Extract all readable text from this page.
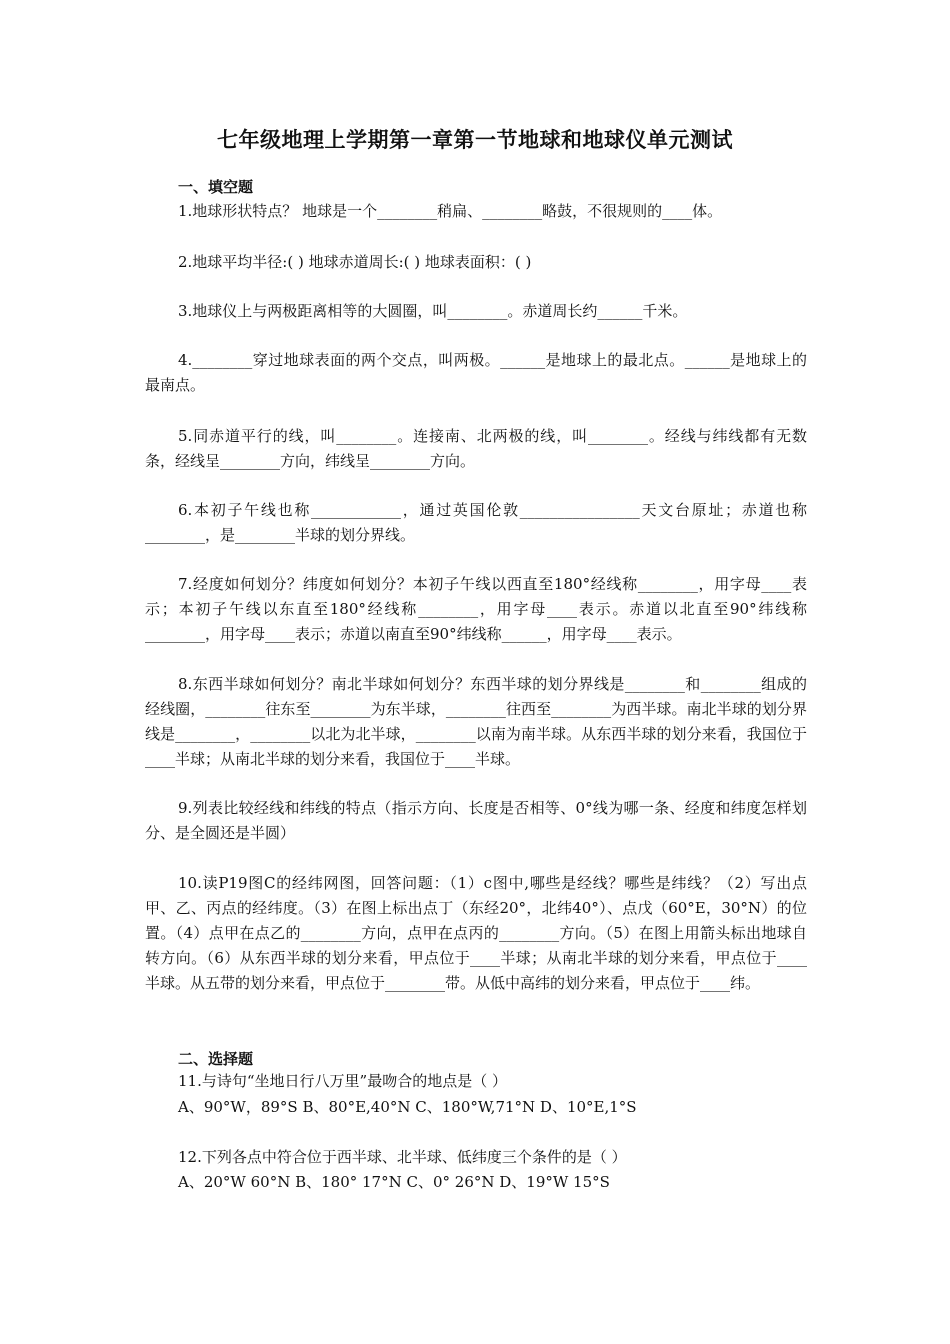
七年级地理上学期第一章第一节地球和地球仪单元测试
一、填空题
1.地球形状特点？ 地球是一个________稍扁、________略鼓，不很规则的____体。
2.地球平均半径:( ) 地球赤道周长:( ) 地球表面积：( )
3.地球仪上与两极距离相等的大圆圈，叫________。赤道周长约______千米。
4.________穿过地球表面的两个交点，叫两极。______是地球上的最北点。______是地球上的最南点。
5.同赤道平行的线，叫________。连接南、北两极的线，叫________。经线与纬线都有无数条，经线呈________方向，纬线呈________方向。
6.本初子午线也称____________，通过英国伦敦________________天文台原址；赤道也称________，是________半球的划分界线。
7.经度如何划分？纬度如何划分？本初子午线以西直至180°经线称________，用字母____表示；本初子午线以东直至180°经线称________，用字母____表示。赤道以北直至90°纬线称________，用字母____表示；赤道以南直至90°纬线称______，用字母____表示。
8.东西半球如何划分？南北半球如何划分？东西半球的划分界线是________和________组成的经线圈，________往东至________为东半球，________往西至________为西半球。南北半球的划分界线是________，________以北为北半球，________以南为南半球。从东西半球的划分来看，我国位于____半球；从南北半球的划分来看，我国位于____半球。
9.列表比较经线和纬线的特点（指示方向、长度是否相等、0°线为哪一条、经度和纬度怎样划分、是全圆还是半圆）
10.读P19图C的经纬网图，回答问题：（1）c图中,哪些是经线？哪些是纬线？（2）写出点甲、乙、丙点的经纬度。（3）在图上标出点丁（东经20°，北纬40°）、点戊（60°E，30°N）的位置。（4）点甲在点乙的________方向，点甲在点丙的________方向。（5）在图上用箭头标出地球自转方向。（6）从东西半球的划分来看，甲点位于____半球；从南北半球的划分来看，甲点位于____半球。从五带的划分来看，甲点位于________带。从低中高纬的划分来看，甲点位于____纬。
二、选择题
11.与诗句“坐地日行八万里”最吻合的地点是（ ）
A、90°W，89°S B、80°E,40°N C、180°W,71°N D、10°E,1°S
12.下列各点中符合位于西半球、北半球、低纬度三个条件的是（ ）
A、20°W 60°N B、180° 17°N C、0° 26°N D、19°W 15°S
